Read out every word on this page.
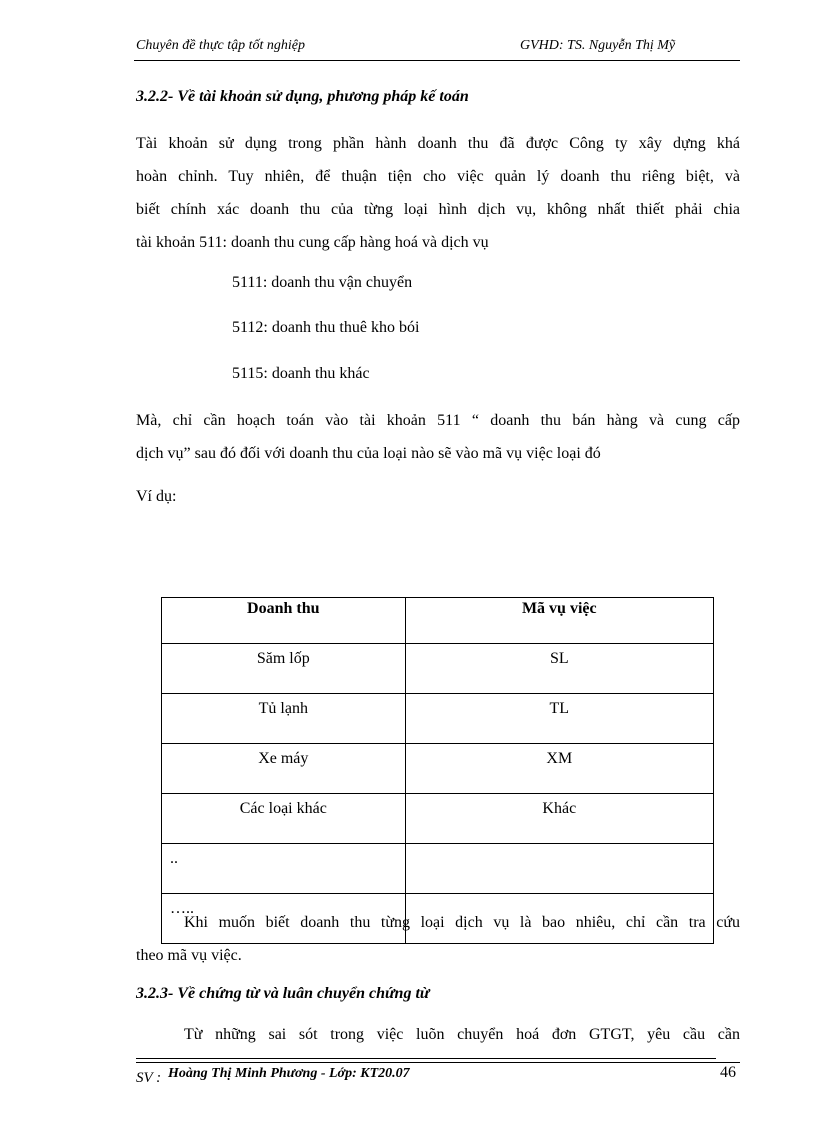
Chuyên đề thực tập tốt nghiệp	GVHD: TS. Nguyễn Thị Mỹ
3.2.2- Về tài khoản sử dụng, phương pháp kế toán
Tài khoản sử dụng trong phần hành doanh thu đã được Công ty xây dựng khá
hoàn chỉnh. Tuy nhiên, để thuận tiện cho việc quản lý doanh thu riêng biệt, và
biết chính xác doanh thu của từng loại hình dịch vụ, không nhất thiết phải chia
tài khoản 511: doanh thu cung cấp hàng hoá và dịch vụ
5111: doanh thu vận chuyển
5112: doanh thu thuê kho bói
5115: doanh thu khác
Mà, chỉ cần hoạch toán vào tài khoản 511 “ doanh thu bán hàng và cung cấp
dịch vụ” sau đó đối với doanh thu của loại nào sẽ vào mã vụ việc loại đó
Ví dụ:
Doanh thu	Mã vụ việc
Săm lốp	SL
Tủ lạnh	TL
Xe máy	XM
Các loại khác	Khác
..	
…..	
Khi muốn biết doanh thu từng loại dịch vụ là bao nhiêu, chỉ cần tra cứu
theo mã vụ việc.
3.2.3- Về chứng từ và luân chuyển chứng từ
Từ những sai sót trong việc luõn chuyển hoá đơn GTGT, yêu cầu cần
SV : Hoàng Thị Minh Phương - Lớp: KT20.07	46
